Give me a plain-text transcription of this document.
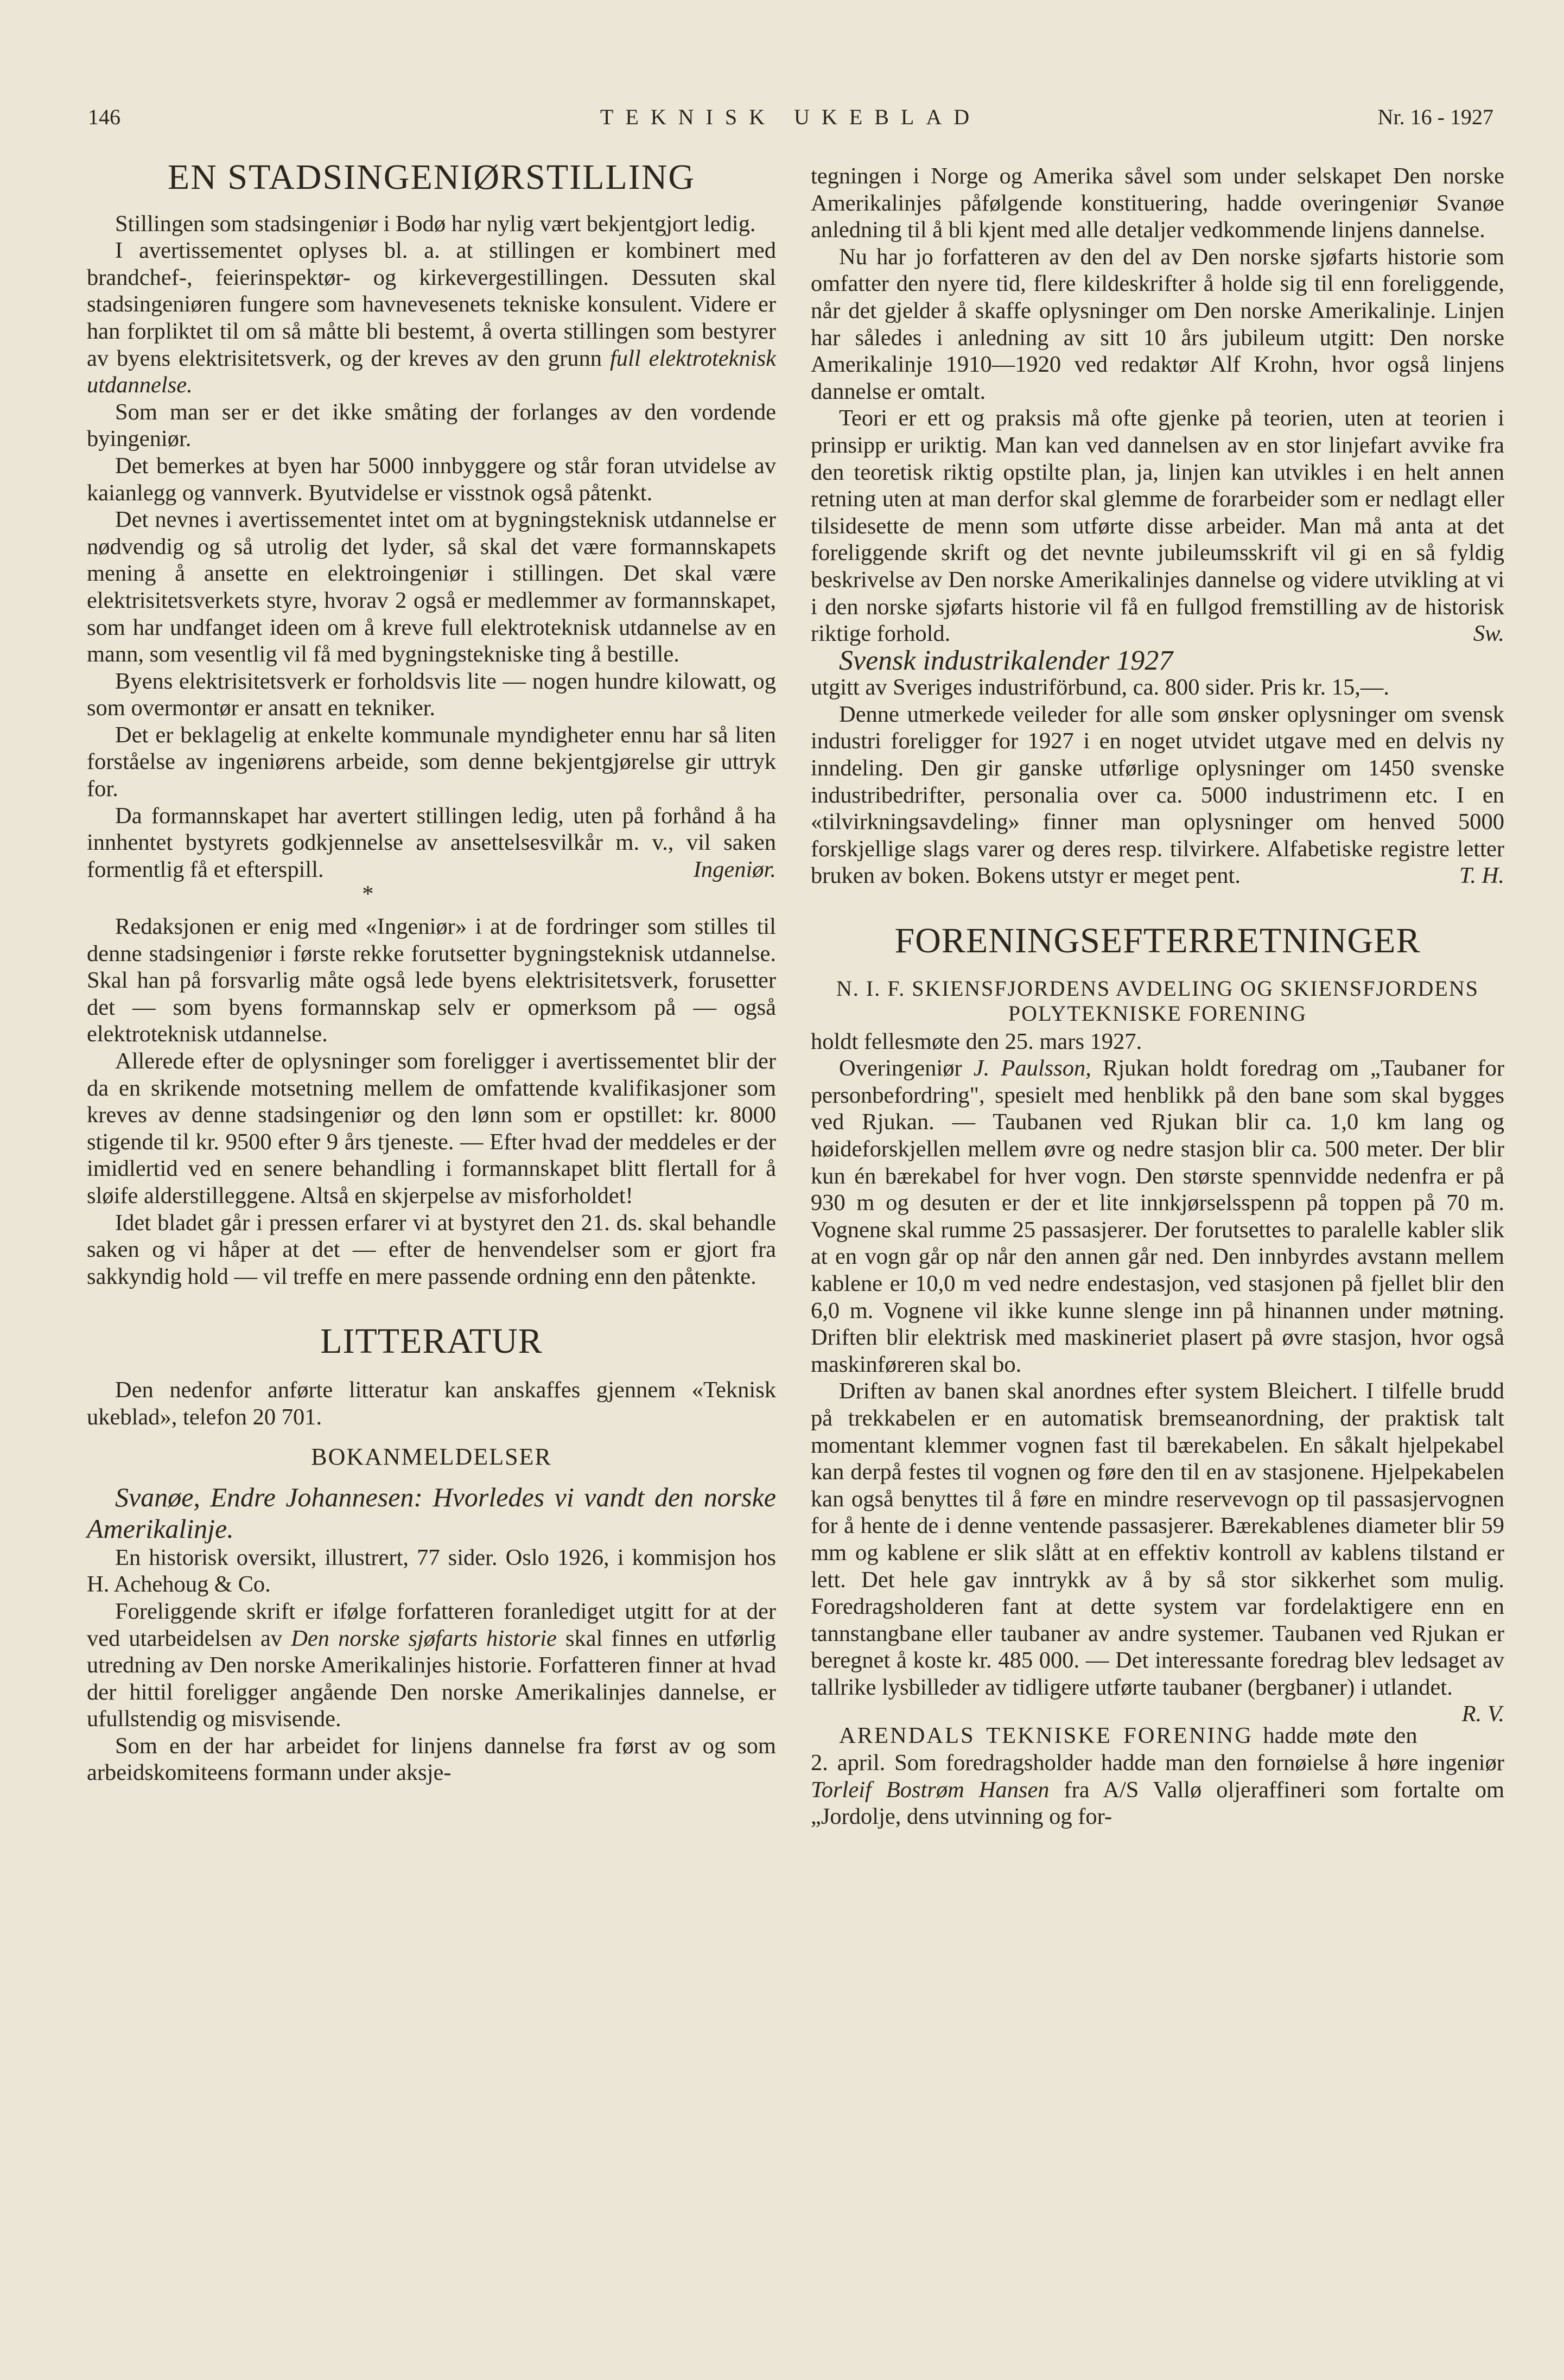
146	TEKNISK UKEBLAD	Nr. 16 - 1927
EN STADSINGENIØRSTILLING

Stillingen som stadsingeniør i Bodø har nylig vært bekjentgjort ledig.

I avertissementet oplyses bl. a. at stillingen er kombinert med brandchef-, feierinspektør- og kirkevergestillingen. Dessuten skal stadsingeniøren fungere som havnevesenets tekniske konsulent. Videre er han forpliktet til om så måtte bli bestemt, å overta stillingen som bestyrer av byens elektrisitetsverk, og der kreves av den grunn full elektroteknisk utdannelse.

Som man ser er det ikke småting der forlanges av den vordende byingeniør.

Det bemerkes at byen har 5000 innbyggere og står foran utvidelse av kaianlegg og vannverk. Byutvidelse er visstnok også påtenkt.

Det nevnes i avertissementet intet om at bygningsteknisk utdannelse er nødvendig og så utrolig det lyder, så skal det være formannskapets mening å ansette en elektroingeniør i stillingen. Det skal være elektrisitetsverkets styre, hvorav 2 også er medlemmer av formannskapet, som har undfanget ideen om å kreve full elektroteknisk utdannelse av en mann, som vesentlig vil få med bygningstekniske ting å bestille.

Byens elektrisitetsverk er forholdsvis lite — nogen hundre kilowatt, og som overmontør er ansatt en tekniker.

Det er beklagelig at enkelte kommunale myndigheter ennu har så liten forståelse av ingeniørens arbeide, som denne bekjentgjørelse gir uttryk for.

Da formannskapet har avertert stillingen ledig, uten på forhånd å ha innhentet bystyrets godkjennelse av ansettelsesvilkår m. v., vil saken formentlig få et efterspill.	Ingeniør.

*

Redaksjonen er enig med «Ingeniør» i at de fordringer som stilles til denne stadsingeniør i første rekke forutsetter bygningsteknisk utdannelse. Skal han på forsvarlig måte også lede byens elektrisitetsverk, forusetter det — som byens formannskap selv er opmerksom på — også elektroteknisk utdannelse.

Allerede efter de oplysninger som foreligger i avertissementet blir der da en skrikende motsetning mellem de omfattende kvalifikasjoner som kreves av denne stadsingeniør og den lønn som er opstillet: kr. 8000 stigende til kr. 9500 efter 9 års tjeneste. — Efter hvad der meddeles er der imidlertid ved en senere behandling i formannskapet blitt flertall for å sløife alderstilleggene. Altså en skjerpelse av misforholdet!

Idet bladet går i pressen erfarer vi at bystyret den 21. ds. skal behandle saken og vi håper at det — efter de henvendelser som er gjort fra sakkyndig hold — vil treffe en mere passende ordning enn den påtenkte.

LITTERATUR

Den nedenfor anførte litteratur kan anskaffes gjennem «Teknisk ukeblad», telefon 20 701.

BOKANMELDELSER

Svanøe, Endre Johannesen: Hvorledes vi vandt den norske Amerikalinje.

En historisk oversikt, illustrert, 77 sider. Oslo 1926, i kommisjon hos H. Achehoug & Co.

Foreliggende skrift er ifølge forfatteren foranlediget utgitt for at der ved utarbeidelsen av Den norske sjøfarts historie skal finnes en utførlig utredning av Den norske Amerikalinjes historie. Forfatteren finner at hvad der hittil foreligger angående Den norske Amerikalinjes dannelse, er ufullstendig og misvisende.

Som en der har arbeidet for linjens dannelse fra først av og som arbeidskomiteens formann under aksje-

tegningen i Norge og Amerika såvel som under selskapet Den norske Amerikalinjes påfølgende konstituering, hadde overingeniør Svanøe anledning til å bli kjent med alle detaljer vedkommende linjens dannelse.

Nu har jo forfatteren av den del av Den norske sjøfarts historie som omfatter den nyere tid, flere kildeskrifter å holde sig til enn foreliggende, når det gjelder å skaffe oplysninger om Den norske Amerikalinje. Linjen har således i anledning av sitt 10 års jubileum utgitt: Den norske Amerikalinje 1910—1920 ved redaktør Alf Krohn, hvor også linjens dannelse er omtalt.

Teori er ett og praksis må ofte gjenke på teorien, uten at teorien i prinsipp er uriktig. Man kan ved dannelsen av en stor linjefart avvike fra den teoretisk riktig opstilte plan, ja, linjen kan utvikles i en helt annen retning uten at man derfor skal glemme de forarbeider som er nedlagt eller tilsidesette de menn som utførte disse arbeider. Man må anta at det foreliggende skrift og det nevnte jubileumsskrift vil gi en så fyldig beskrivelse av Den norske Amerikalinjes dannelse og videre utvikling at vi i den norske sjøfarts historie vil få en fullgod fremstilling av de historisk riktige forhold.	Sw.

Svensk industrikalender 1927

utgitt av Sveriges industriförbund, ca. 800 sider. Pris kr. 15,—.

Denne utmerkede veileder for alle som ønsker oplysninger om svensk industri foreligger for 1927 i en noget utvidet utgave med en delvis ny inndeling. Den gir ganske utførlige oplysninger om 1450 svenske industribedrifter, personalia over ca. 5000 industrimenn etc. I en «tilvirkningsavdeling» finner man oplysninger om henved 5000 forskjellige slags varer og deres resp. tilvirkere. Alfabetiske registre letter bruken av boken. Bokens utstyr er meget pent.	T. H.

FORENINGSEFTERRETNINGER
N. I. F. SKIENSFJORDENS AVDELING OG SKIENSFJORDENS POLYTEKNISKE FORENING

holdt fellesmøte den 25. mars 1927.

Overingeniør J. Paulsson, Rjukan holdt foredrag om „Taubaner for personbefordring", spesielt med henblikk på den bane som skal bygges ved Rjukan. — Taubanen ved Rjukan blir ca. 1,0 km lang og høideforskjellen mellem øvre og nedre stasjon blir ca. 500 meter. Der blir kun én bærekabel for hver vogn. Den største spennvidde nedenfra er på 930 m og desuten er der et lite innkjørselsspenn på toppen på 70 m. Vognene skal rumme 25 passasjerer. Der forutsettes to paralelle kabler slik at en vogn går op når den annen går ned. Den innbyrdes avstann mellem kablene er 10,0 m ved nedre endestasjon, ved stasjonen på fjellet blir den 6,0 m. Vognene vil ikke kunne slenge inn på hinannen under møtning. Driften blir elektrisk med maskineriet plasert på øvre stasjon, hvor også maskinføreren skal bo.

Driften av banen skal anordnes efter system Bleichert. I tilfelle brudd på trekkabelen er en automatisk bremseanordning, der praktisk talt momentant klemmer vognen fast til bærekabelen. En såkalt hjelpekabel kan derpå festes til vognen og føre den til en av stasjonene. Hjelpekabelen kan også benyttes til å føre en mindre reservevogn op til passasjervognen for å hente de i denne ventende passasjerer. Bærekablenes diameter blir 59 mm og kablene er slik slått at en effektiv kontroll av kablens tilstand er lett. Det hele gav inntrykk av å by så stor sikkerhet som mulig. Foredragsholderen fant at dette system var fordelaktigere enn en tannstangbane eller taubaner av andre systemer. Taubanen ved Rjukan er beregnet å koste kr. 485 000. — Det interessante foredrag blev ledsaget av tallrike lysbilleder av tidligere utførte taubaner (bergbaner) i utlandet.
R. V.

ARENDALS TEKNISKE FORENING hadde møte den 2. april. Som foredragsholder hadde man den fornøielse å høre ingeniør Torleif Bostrøm Hansen fra A/S Vallø oljeraffineri som fortalte om „Jordolje, dens utvinning og for-
